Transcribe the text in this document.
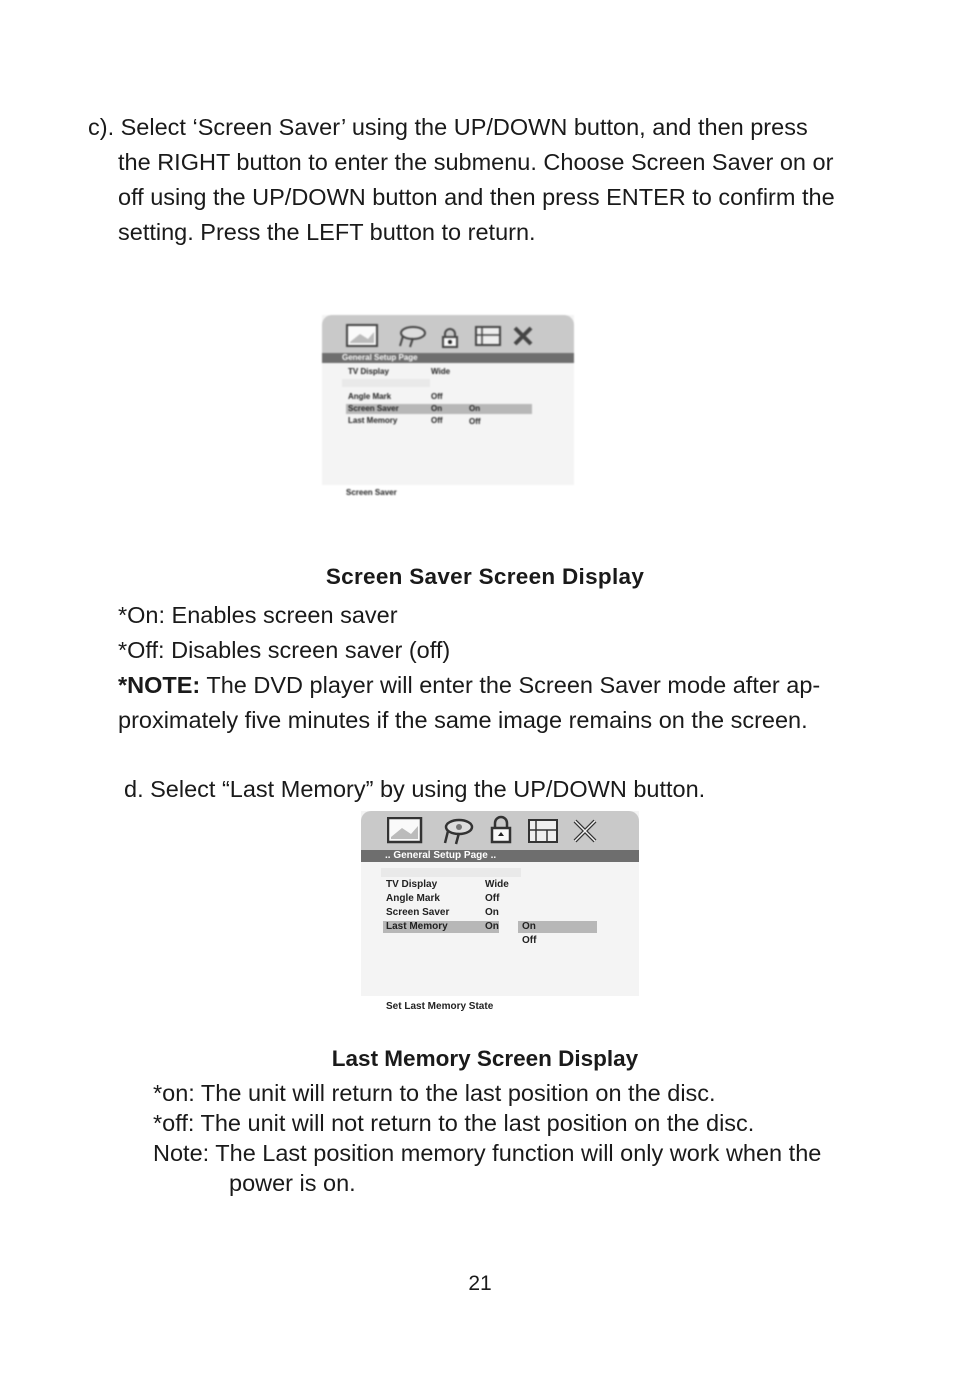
c). Select ‘Screen Saver’ using the UP/DOWN button, and then press
the RIGHT button to enter the submenu. Choose Screen Saver on or
off using the UP/DOWN button and then press ENTER to confirm the
setting. Press the LEFT button to return.
General Setup Page
TV Display	Wide
Angle Mark	Off
Screen Saver	On	On
Last Memory	Off	Off
Screen Saver
Screen Saver Screen Display
*On: Enables screen saver
*Off: Disables screen saver (off)
*NOTE: The DVD player will enter the Screen Saver mode after ap-
proximately five minutes if the same image remains on the screen.
d. Select “Last Memory” by using the UP/DOWN button.
.. General Setup Page ..
TV Display	Wide
Angle Mark	Off
Screen Saver	On
Last Memory	On On
Off
Set Last Memory State
Last Memory Screen Display
*on: The unit will return to the last position on the disc.
*off: The unit will not return to the last position on the disc.
Note: The Last position memory function will only work when the
power is on.
21
